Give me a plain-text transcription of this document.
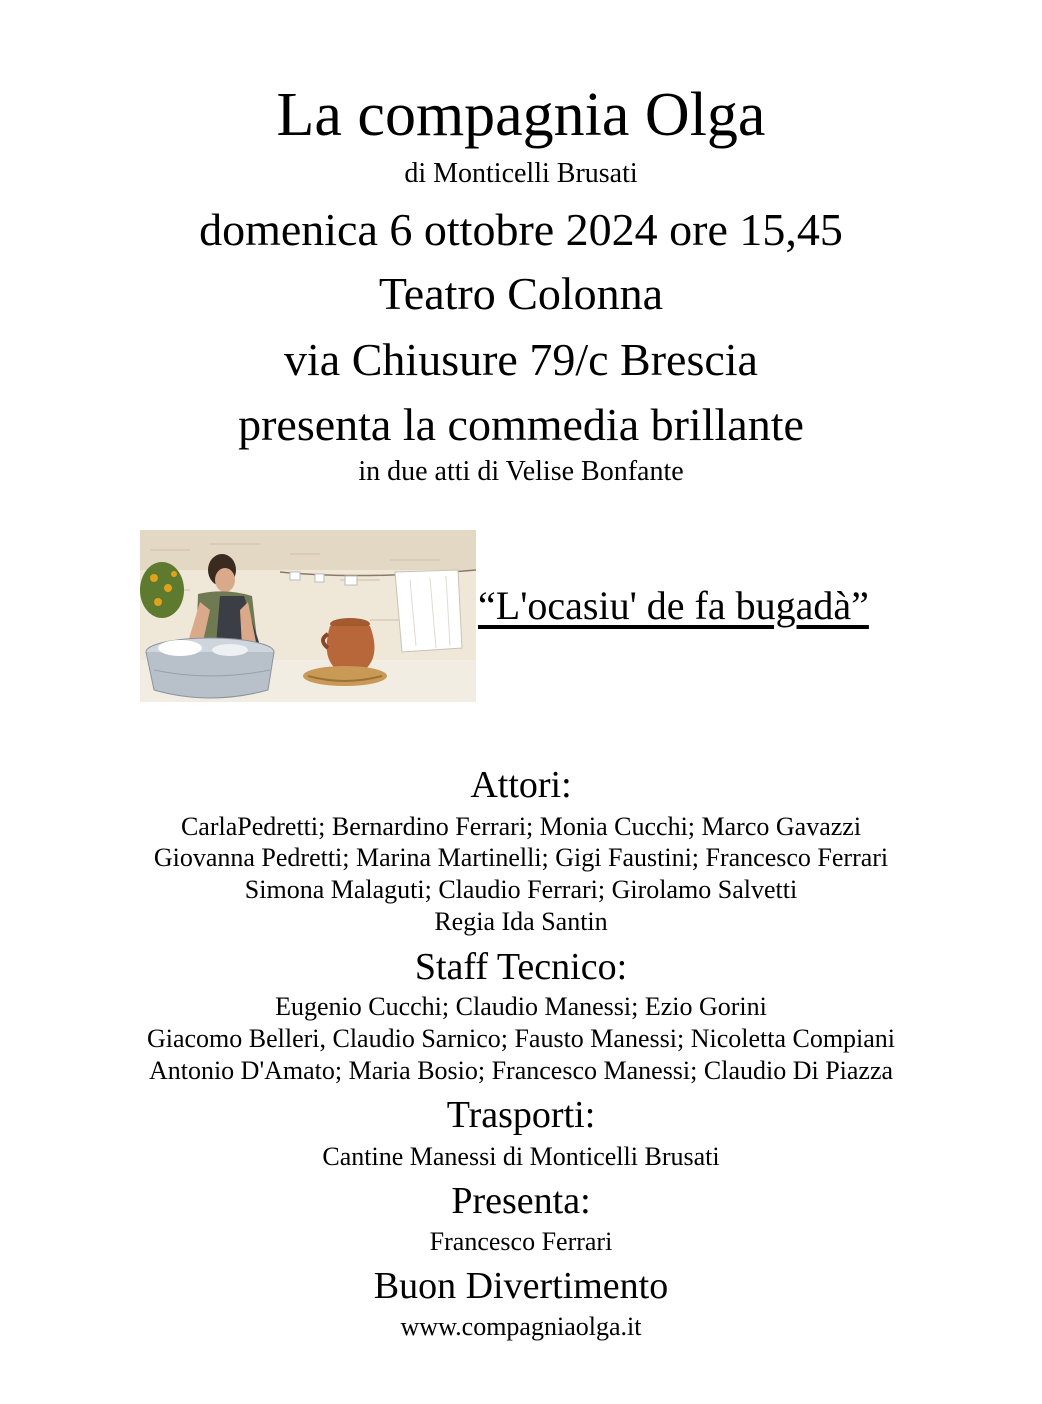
La compagnia Olga
di Monticelli Brusati
domenica 6 ottobre 2024 ore 15,45
Teatro Colonna
via Chiusure 79/c Brescia
presenta la commedia brillante
in due atti di Velise Bonfante
“L'ocasiu' de fa bugadà”
Attori:
CarlaPedretti; Bernardino Ferrari; Monia Cucchi; Marco Gavazzi
Giovanna Pedretti; Marina Martinelli; Gigi Faustini; Francesco Ferrari
Simona Malaguti; Claudio Ferrari; Girolamo Salvetti
Regia Ida Santin
Staff Tecnico:
Eugenio Cucchi; Claudio Manessi; Ezio Gorini
Giacomo Belleri, Claudio Sarnico; Fausto Manessi; Nicoletta Compiani
Antonio D'Amato; Maria Bosio; Francesco Manessi; Claudio Di Piazza
Trasporti:
Cantine Manessi di Monticelli Brusati
Presenta:
Francesco Ferrari
Buon Divertimento
www.compagniaolga.it
